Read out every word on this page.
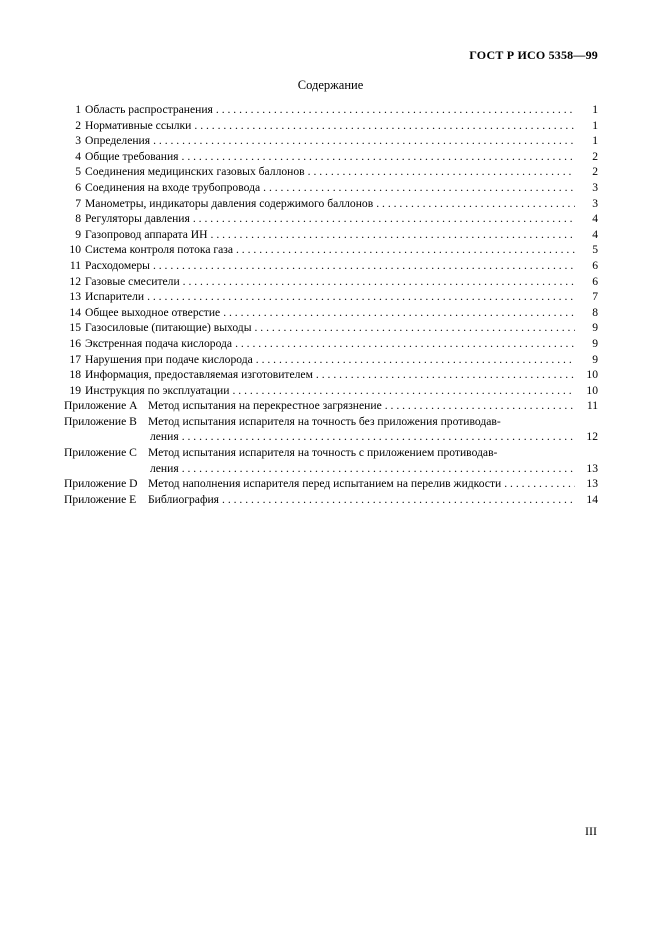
ГОСТ Р ИСО 5358—99
Содержание
1 Область распространения . . .	1
2 Нормативные ссылки . . .	1
3 Определения . . .	1
4 Общие требования . . .	2
5 Соединения медицинских газовых баллонов . . .	2
6 Соединения на входе трубопровода . . .	3
7 Манометры, индикаторы давления содержимого баллонов . . .	3
8 Регуляторы давления . . .	4
9 Газопровод аппарата ИН . . .	4
10 Система контроля потока газа . . .	5
11 Расходомеры . . .	6
12 Газовые смесители . . .	6
13 Испарители . . .	7
14 Общее выходное отверстие . . .	8
15 Газосиловые (питающие) выходы . . .	9
16 Экстренная подача кислорода . . .	9
17 Нарушения при подаче кислорода . . .	9
18 Информация, предоставляемая изготовителем . . .	10
19 Инструкция по эксплуатации . . .	10
Приложение A Метод испытания на перекрестное загрязнение . . .	11
Приложение B Метод испытания испарителя на точность без приложения противодав-
ления . . .	12
Приложение C Метод испытания испарителя на точность с приложением противодав-
ления . . .	13
Приложение D Метод наполнения испарителя перед испытанием на перелив жидкости . . .	13
Приложение E	Библиография . . .	14
III
